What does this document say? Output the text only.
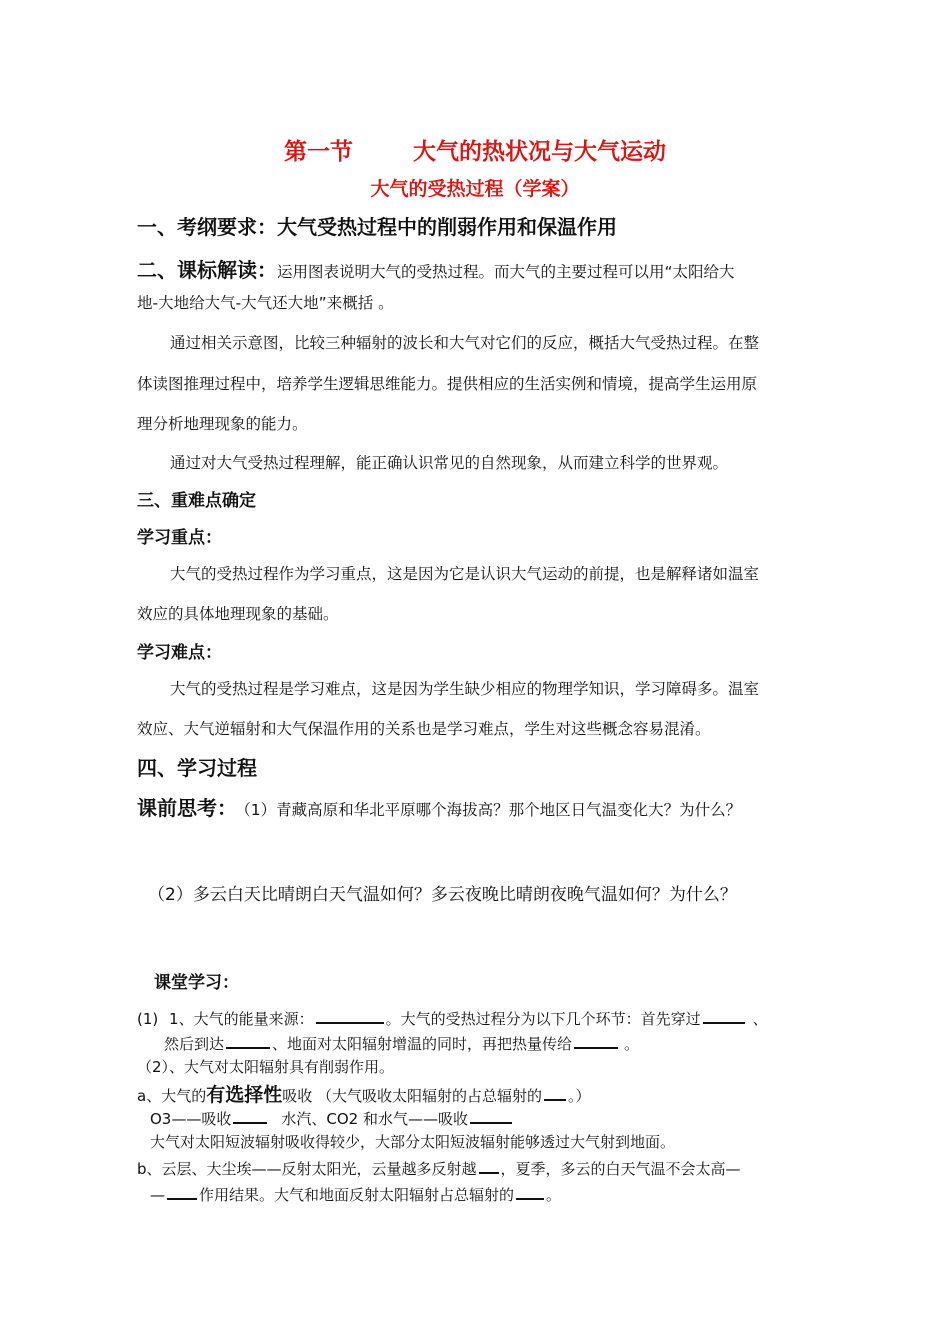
第一节	大气的热状况与大气运动
大气的受热过程（学案）
一、考纲要求：大气受热过程中的削弱作用和保温作用
二、课标解读：运用图表说明大气的受热过程。而大气的主要过程可以用“太阳给大
地-大地给大气-大气还大地”来概括 。
通过相关示意图，比较三种辐射的波长和大气对它们的反应，概括大气受热过程。在整
体读图推理过程中，培养学生逻辑思维能力。提供相应的生活实例和情境，提高学生运用原
理分析地理现象的能力。
通过对大气受热过程理解，能正确认识常见的自然现象，从而建立科学的世界观。
三、重难点确定
学习重点：
大气的受热过程作为学习重点，这是因为它是认识大气运动的前提，也是解释诸如温室
效应的具体地理现象的基础。
学习难点：
大气的受热过程是学习难点，这是因为学生缺少相应的物理学知识，学习障碍多。温室
效应、大气逆辐射和大气保温作用的关系也是学习难点，学生对这些概念容易混淆。
四、学习过程
课前思考： （1）青藏高原和华北平原哪个海拔高？那个地区日气温变化大？为什么？
（2）多云白天比晴朗白天气温如何？多云夜晚比晴朗夜晚气温如何？为什么？
课堂学习：
(1) 1、大气的能量来源：	。大气的受热过程分为以下几个环节：首先穿过	、
然后到达	、地面对太阳辐射增温的同时，再把热量传给	。
（2）、大气对太阳辐射具有削弱作用。
a、大气的有选择性吸收 （大气吸收太阳辐射的占总辐射的 。）
O3——吸收	水汽、CO2 和水气——吸收
大气对太阳短波辐射吸收得较少，大部分太阳短波辐射能够透过大气射到地面。
b、云层、大尘埃——反射太阳光，云量越多反射越 ，夏季，多云的白天气温不会太高—
— 作用结果。大气和地面反射太阳辐射占总辐射的 。
